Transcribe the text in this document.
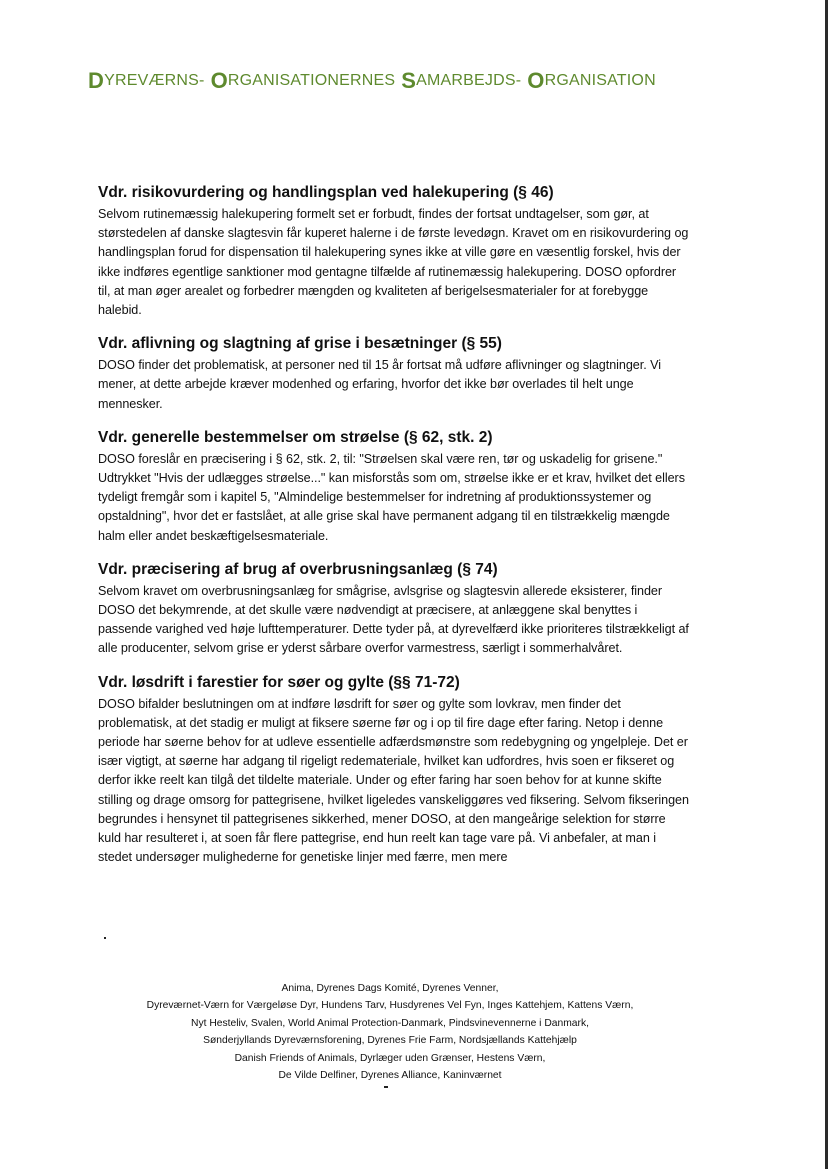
DYREVÆRNS- ORGANISATIONERNES SAMARBEJDS- ORGANISATION
Vdr. risikovurdering og handlingsplan ved halekupering (§ 46)

Selvom rutinemæssig halekupering formelt set er forbudt, findes der fortsat undtagelser, som gør, at størstedelen af danske slagtesvin får kuperet halerne i de første levedøgn. Kravet om en risikovurdering og handlingsplan forud for dispensation til halekupering synes ikke at ville gøre en væsentlig forskel, hvis der ikke indføres egentlige sanktioner mod gentagne tilfælde af rutinemæssig halekupering. DOSO opfordrer til, at man øger arealet og forbedrer mængden og kvaliteten af berigelsesmaterialer for at forebygge halebid.

Vdr. aflivning og slagtning af grise i besætninger (§ 55)

DOSO finder det problematisk, at personer ned til 15 år fortsat må udføre aflivninger og slagtninger. Vi mener, at dette arbejde kræver modenhed og erfaring, hvorfor det ikke bør overlades til helt unge mennesker.

Vdr. generelle bestemmelser om strøelse (§ 62, stk. 2)

DOSO foreslår en præcisering i § 62, stk. 2, til: "Strøelsen skal være ren, tør og uskadelig for grisene." Udtrykket "Hvis der udlægges strøelse..." kan misforstås som om, strøelse ikke er et krav, hvilket det ellers tydeligt fremgår som i kapitel 5, "Almindelige bestemmelser for indretning af produktionssystemer og opstaldning", hvor det er fastslået, at alle grise skal have permanent adgang til en tilstrækkelig mængde halm eller andet beskæftigelsesmateriale.

Vdr. præcisering af brug af overbrusningsanlæg (§ 74)

Selvom kravet om overbrusningsanlæg for smågrise, avlsgrise og slagtesvin allerede eksisterer, finder DOSO det bekymrende, at det skulle være nødvendigt at præcisere, at anlæggene skal benyttes i passende varighed ved høje lufttemperaturer. Dette tyder på, at dyrevelfærd ikke prioriteres tilstrækkeligt af alle producenter, selvom grise er yderst sårbare overfor varmestress, særligt i sommerhalvåret.

Vdr. løsdrift i farestier for søer og gylte (§§ 71-72)

DOSO bifalder beslutningen om at indføre løsdrift for søer og gylte som lovkrav, men finder det problematisk, at det stadig er muligt at fiksere søerne før og i op til fire dage efter faring. Netop i denne periode har søerne behov for at udleve essentielle adfærdsmønstre som redebygning og yngelpleje. Det er især vigtigt, at søerne har adgang til rigeligt redemateriale, hvilket kan udfordres, hvis soen er fikseret og derfor ikke reelt kan tilgå det tildelte materiale. Under og efter faring har soen behov for at kunne skifte stilling og drage omsorg for pattegrisene, hvilket ligeledes vanskeliggøres ved fiksering. Selvom fikseringen begrundes i hensynet til pattegrisenes sikkerhed, mener DOSO, at den mangeårige selektion for større kuld har resulteret i, at soen får flere pattegrise, end hun reelt kan tage vare på. Vi anbefaler, at man i stedet undersøger mulighederne for genetiske linjer med færre, men mere

Anima, Dyrenes Dags Komité, Dyrenes Venner,
Dyreværnet-Værn for Værgeløse Dyr, Hundens Tarv, Husdyrenes Vel Fyn, Inges Kattehjem, Kattens Værn,
Nyt Hesteliv, Svalen, World Animal Protection-Danmark, Pindsvinevennerne i Danmark,
Sønderjyllands Dyreværnsforening, Dyrenes Frie Farm, Nordsjællands Kattehjælp
Danish Friends of Animals, Dyrlæger uden Grænser, Hestens Værn,
De Vilde Delfiner, Dyrenes Alliance, Kaninværnet
